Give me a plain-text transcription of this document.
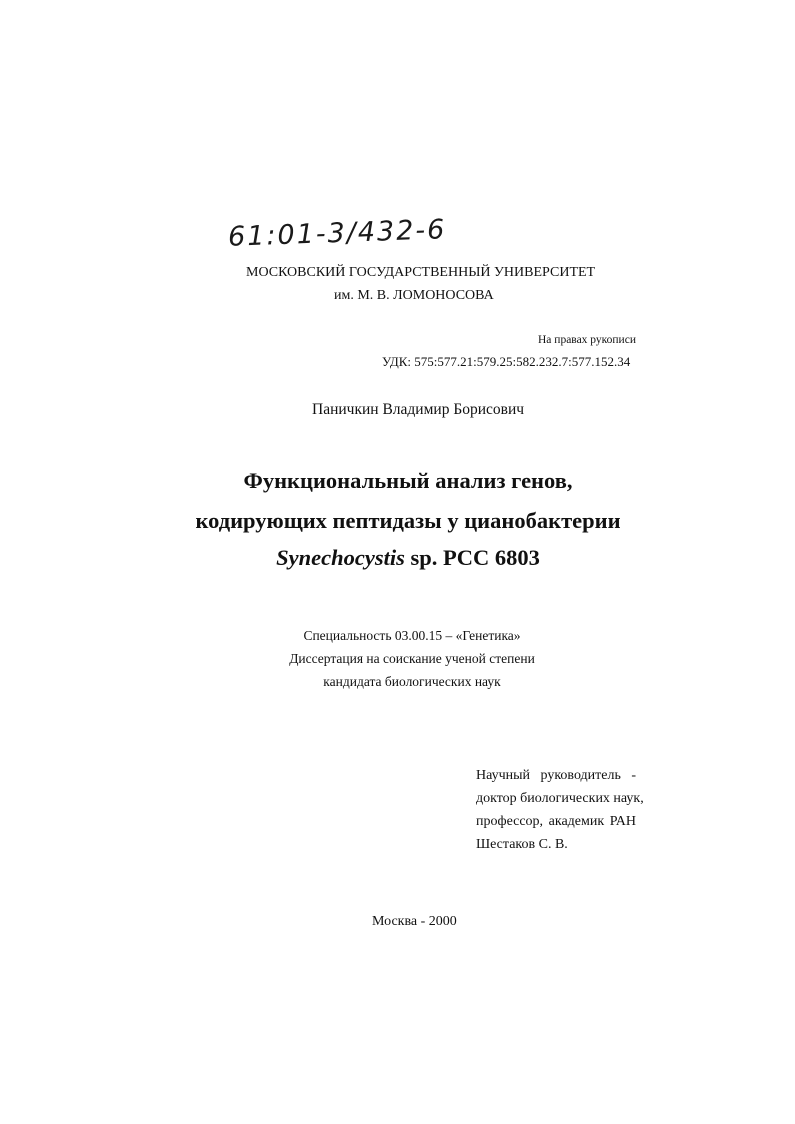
61:01-3/432-6
МОСКОВСКИЙ ГОСУДАРСТВЕННЫЙ УНИВЕРСИТЕТ
им. М. В. ЛОМОНОСОВА
На правах рукописи
УДК: 575:577.21:579.25:582.232.7:577.152.34
Паничкин Владимир Борисович
Функциональный анализ генов,
кодирующих пептидазы у цианобактерии
Synechocystis sp. PCC 6803
Специальность 03.00.15 – «Генетика»
Диссертация на соискание ученой степени
кандидата биологических наук
Научный руководитель -
доктор биологических наук,
профессор, академик РАН
Шестаков С. В.
Москва - 2000
